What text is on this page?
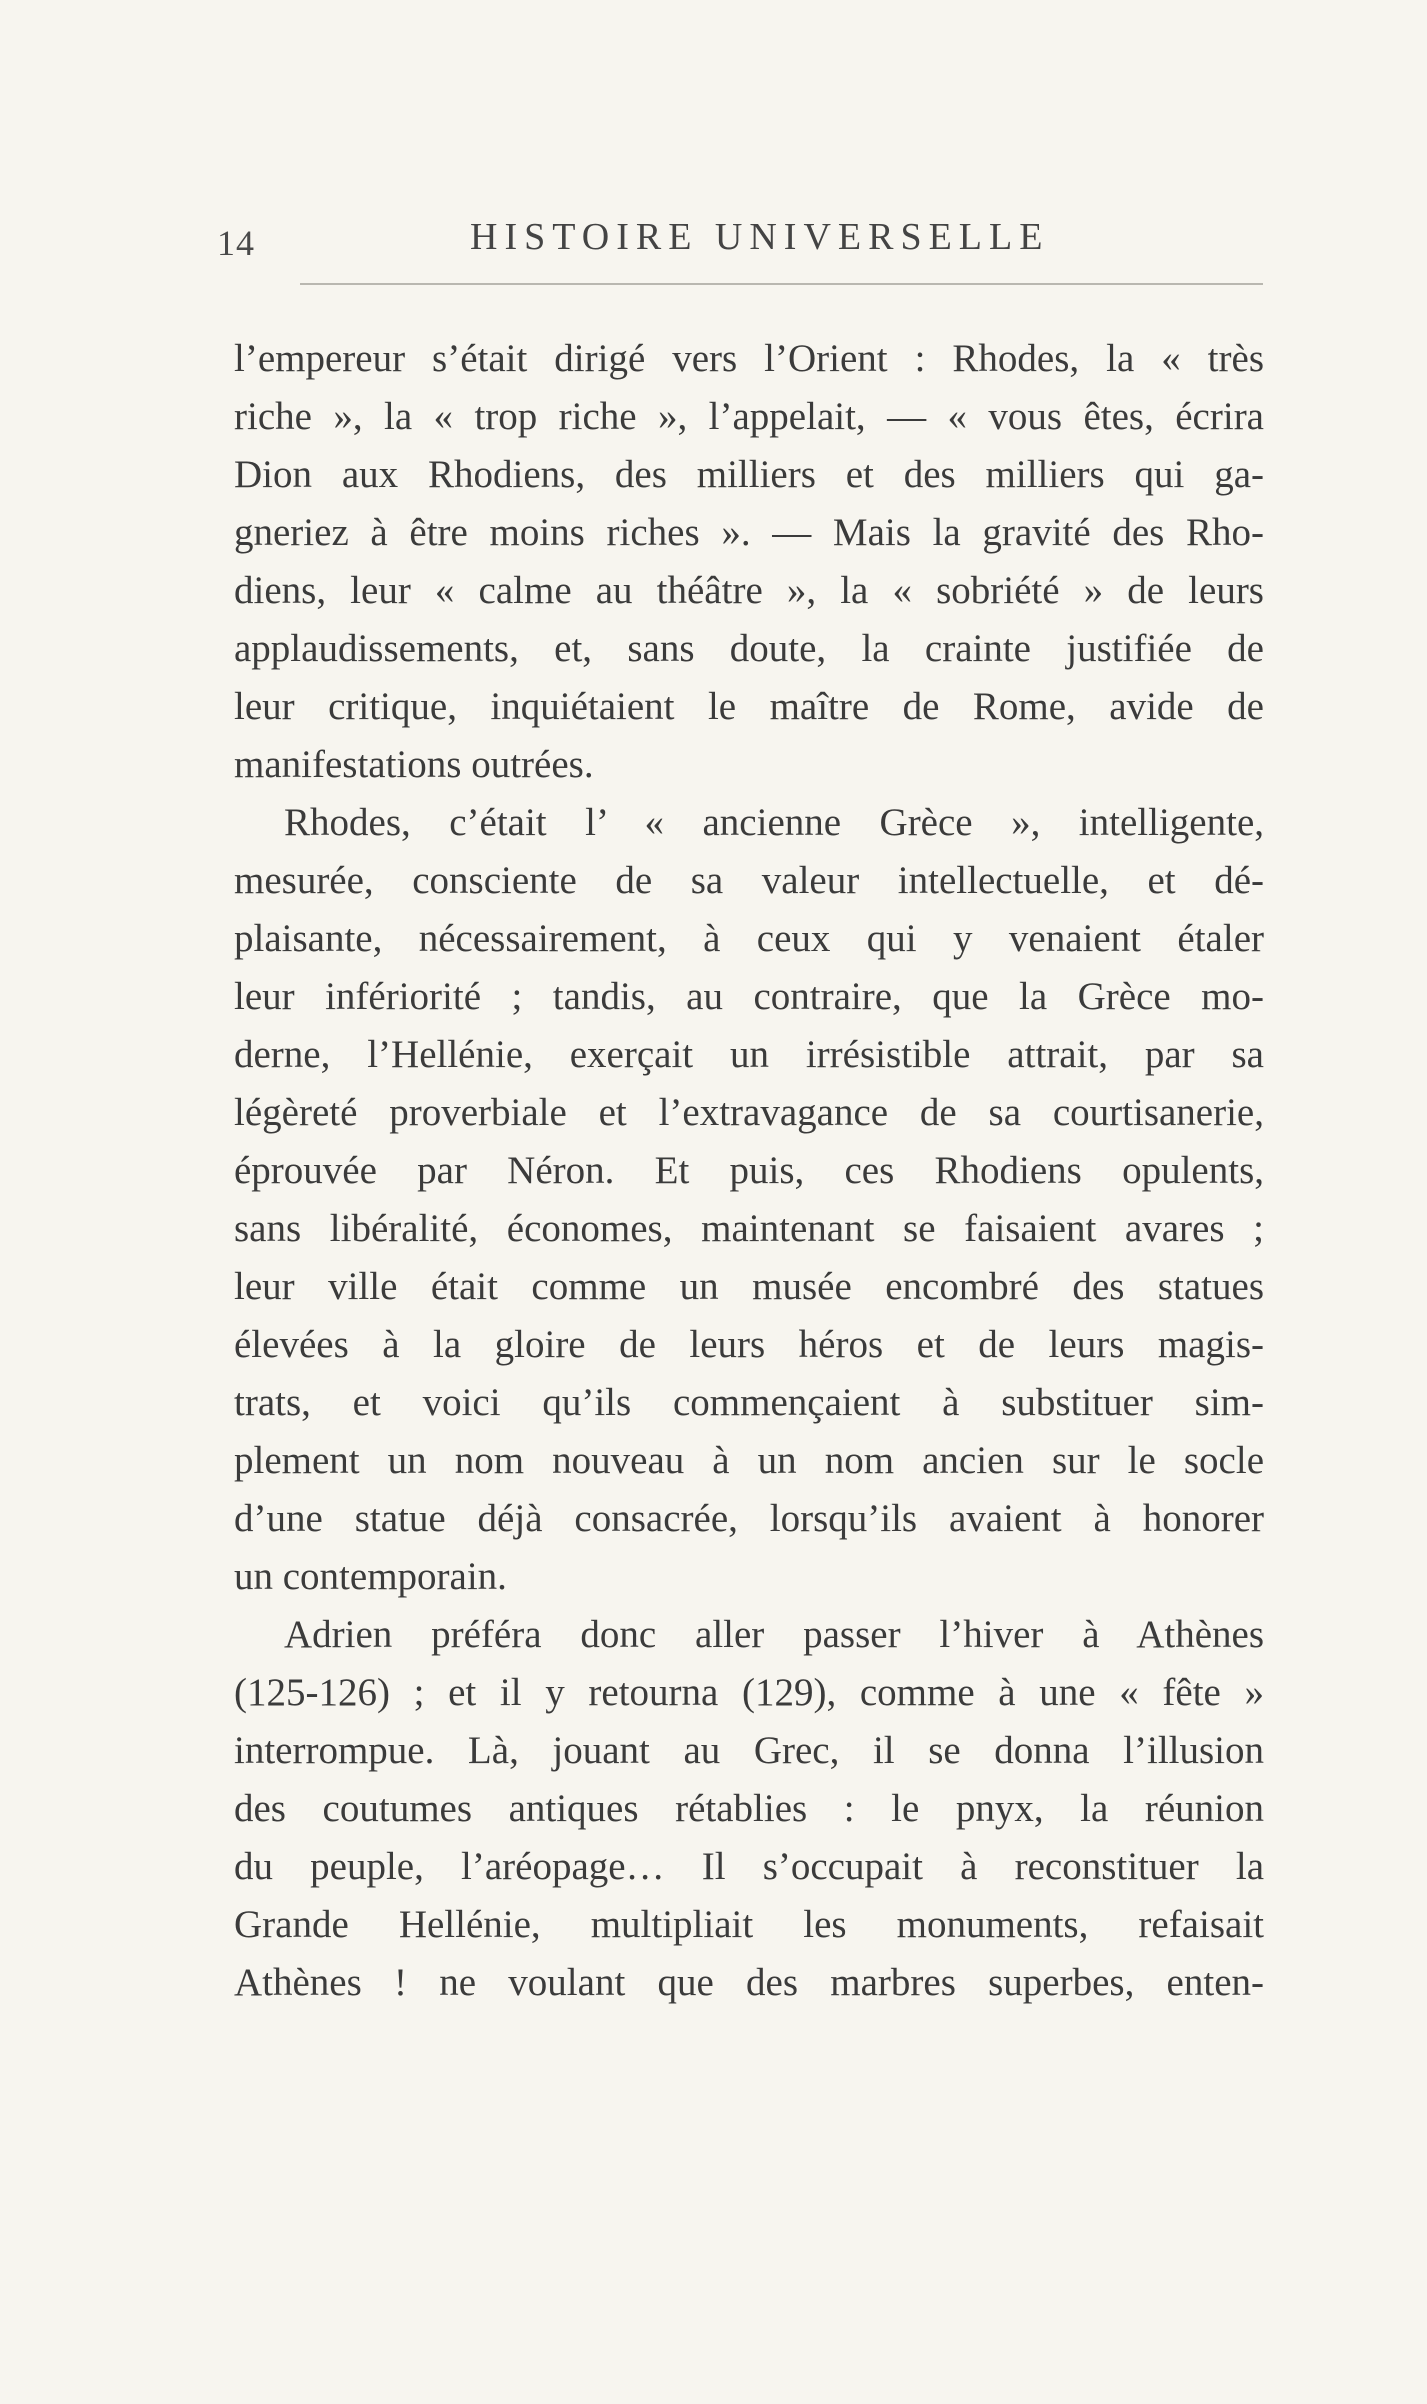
14	HISTOIRE UNIVERSELLE
l’empereur s’était dirigé vers l’Orient : Rhodes, la « très
riche », la « trop riche », l’appelait, — « vous êtes, écrira
Dion aux Rhodiens, des milliers et des milliers qui ga-
gneriez à être moins riches ». — Mais la gravité des Rho-
diens, leur « calme au théâtre », la « sobriété » de leurs
applaudissements, et, sans doute, la crainte justifiée de
leur critique, inquiétaient le maître de Rome, avide de
manifestations outrées.
Rhodes, c’était l’ « ancienne Grèce », intelligente,
mesurée, consciente de sa valeur intellectuelle, et dé-
plaisante, nécessairement, à ceux qui y venaient étaler
leur infériorité ; tandis, au contraire, que la Grèce mo-
derne, l’Hellénie, exerçait un irrésistible attrait, par sa
légèreté proverbiale et l’extravagance de sa courtisanerie,
éprouvée par Néron. Et puis, ces Rhodiens opulents,
sans libéralité, économes, maintenant se faisaient avares ;
leur ville était comme un musée encombré des statues
élevées à la gloire de leurs héros et de leurs magis-
trats, et voici qu’ils commençaient à substituer sim-
plement un nom nouveau à un nom ancien sur le socle
d’une statue déjà consacrée, lorsqu’ils avaient à honorer
un contemporain.
Adrien préféra donc aller passer l’hiver à Athènes
(125-126) ; et il y retourna (129), comme à une « fête »
interrompue. Là, jouant au Grec, il se donna l’illusion
des coutumes antiques rétablies : le pnyx, la réunion
du peuple, l’aréopage… Il s’occupait à reconstituer la
Grande Hellénie, multipliait les monuments, refaisait
Athènes ! ne voulant que des marbres superbes, enten-
